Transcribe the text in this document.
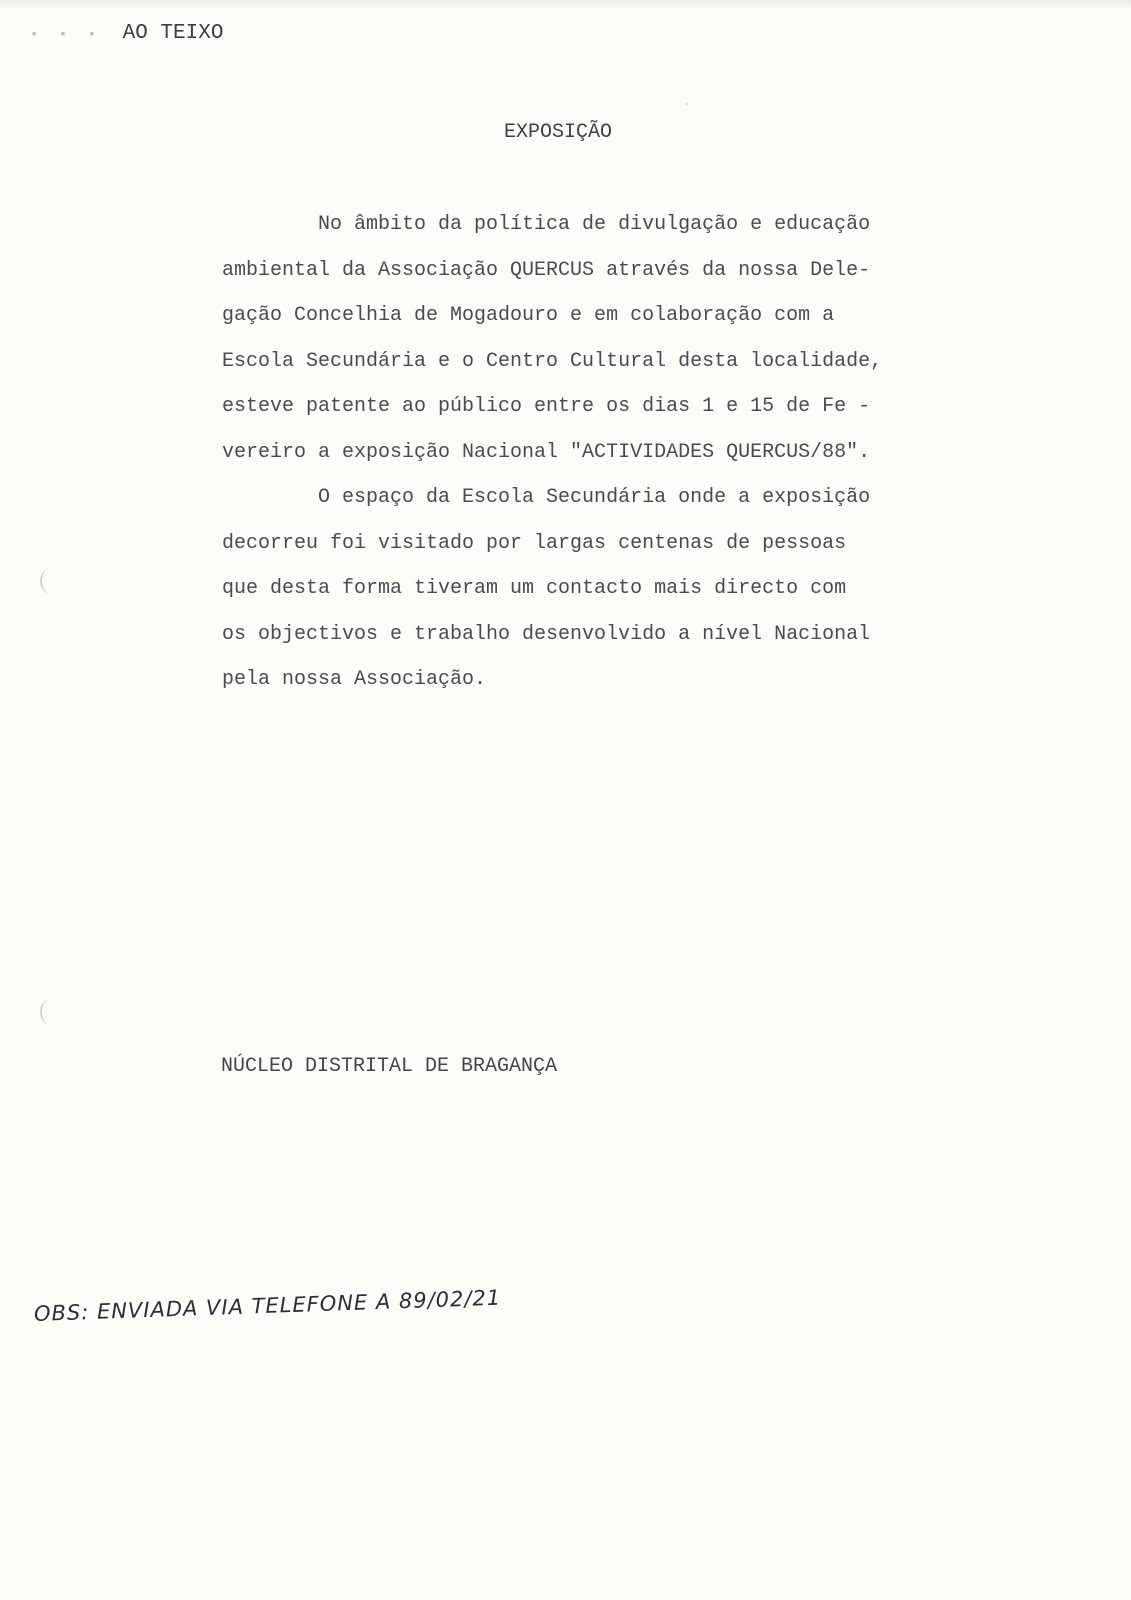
• • • AO TEIXO
EXPOSIÇÃO
No âmbito da política de divulgação e educação
ambiental da Associação QUERCUS através da nossa Dele-
gação Concelhia de Mogadouro e em colaboração com a
Escola Secundária e o Centro Cultural desta localidade,
esteve patente ao público entre os dias 1 e 15 de Fe -
vereiro a exposição Nacional "ACTIVIDADES QUERCUS/88".
O espaço da Escola Secundária onde a exposição
decorreu foi visitado por largas centenas de pessoas
que desta forma tiveram um contacto mais directo com
os objectivos e trabalho desenvolvido a nível Nacional
pela nossa Associação.
NÚCLEO DISTRITAL DE BRAGANÇA
OBS: ENVIADA VIA TELEFONE A 89/02/21
